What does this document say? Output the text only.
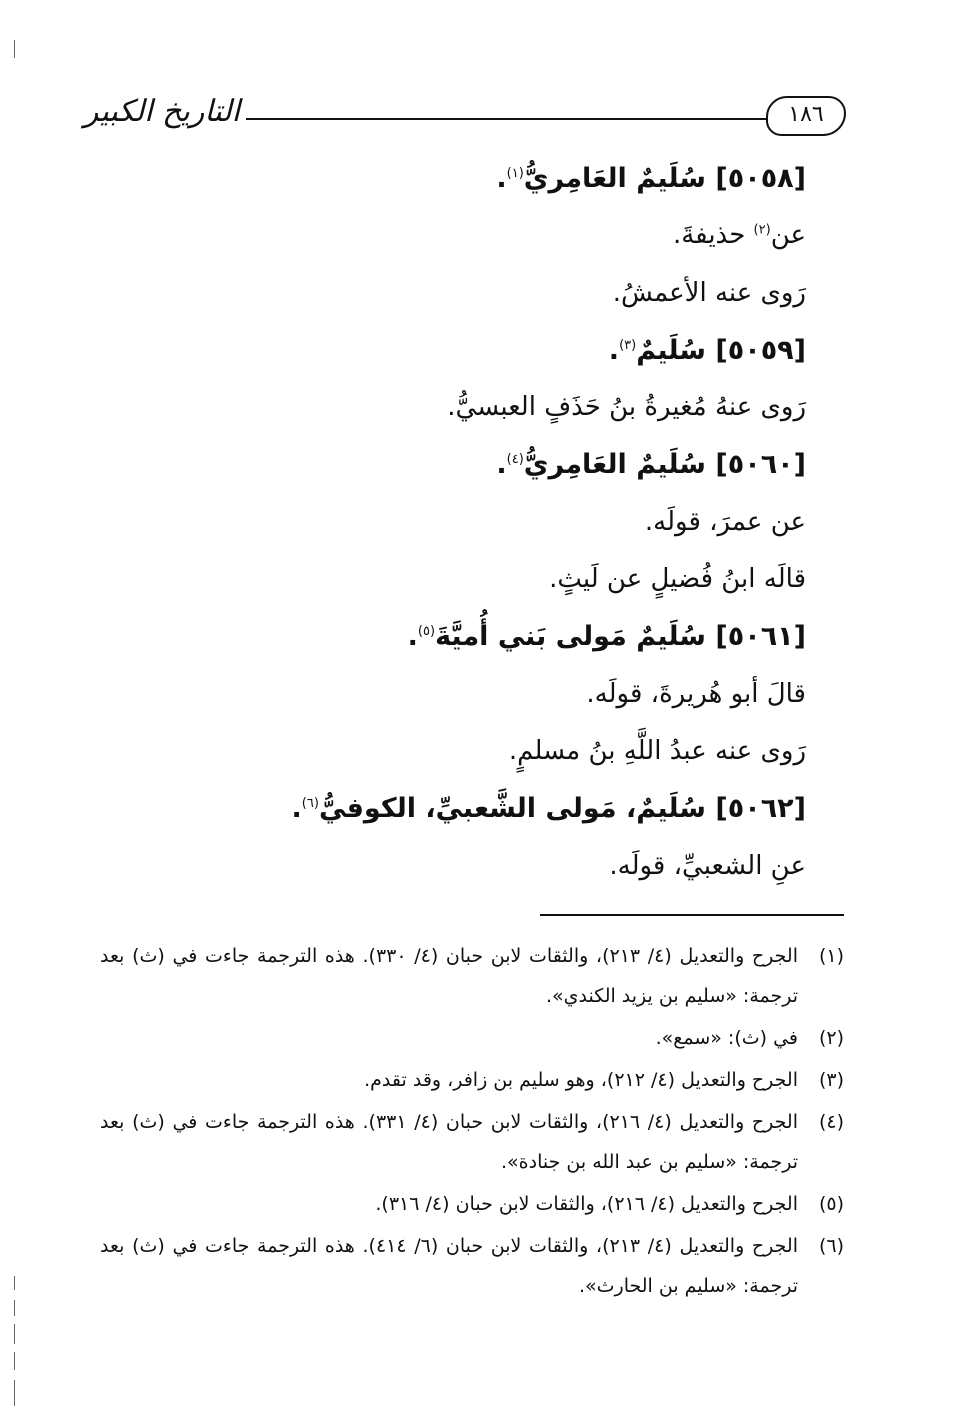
التاريخ الكبير	١٨٦
[٥٠٥٨] سُلَيمٌ العَامِريُّ$^{(١)}$.
عن$^{(٢)}$ حذيفةَ.
رَوى عنه الأعمشُ.
[٥٠٥٩] سُلَيمٌ$^{(٣)}$.
رَوى عنهُ مُغيرةُ بنُ حَذَفٍ العبسيُّ.
[٥٠٦٠] سُلَيمٌ العَامِريُّ$^{(٤)}$.
عن عمرَ، قولَه.
قالَه ابنُ فُضيلٍ عن لَيثٍ.
[٥٠٦١] سُلَيمٌ مَولى بَني أُميَّةَ$^{(٥)}$.
قالَ أبو هُريرةَ، قولَه.
رَوى عنه عبدُ اللَّهِ بنُ مسلمٍ.
[٥٠٦٢] سُلَيمٌ، مَولى الشَّعبيِّ، الكوفيُّ$^{(٦)}$.
عنِ الشعبيِّ، قولَه.
(١)
الجرح والتعديل (٤/ ٢١٣)، والثقات لابن حبان (٤/ ٣٣٠). هذه الترجمة جاءت في (ث) بعد ترجمة: «سليم بن يزيد الكندي».
(٢)
في (ث): «سمع».
(٣)
الجرح والتعديل (٤/ ٢١٢)، وهو سليم بن زافر، وقد تقدم.
(٤)
الجرح والتعديل (٤/ ٢١٦)، والثقات لابن حبان (٤/ ٣٣١). هذه الترجمة جاءت في (ث) بعد ترجمة: «سليم بن عبد الله بن جنادة».
(٥)
الجرح والتعديل (٤/ ٢١٦)، والثقات لابن حبان (٤/ ٣١٦).
(٦)
الجرح والتعديل (٤/ ٢١٣)، والثقات لابن حبان (٦/ ٤١٤). هذه الترجمة جاءت في (ث) بعد ترجمة: «سليم بن الحارث».
